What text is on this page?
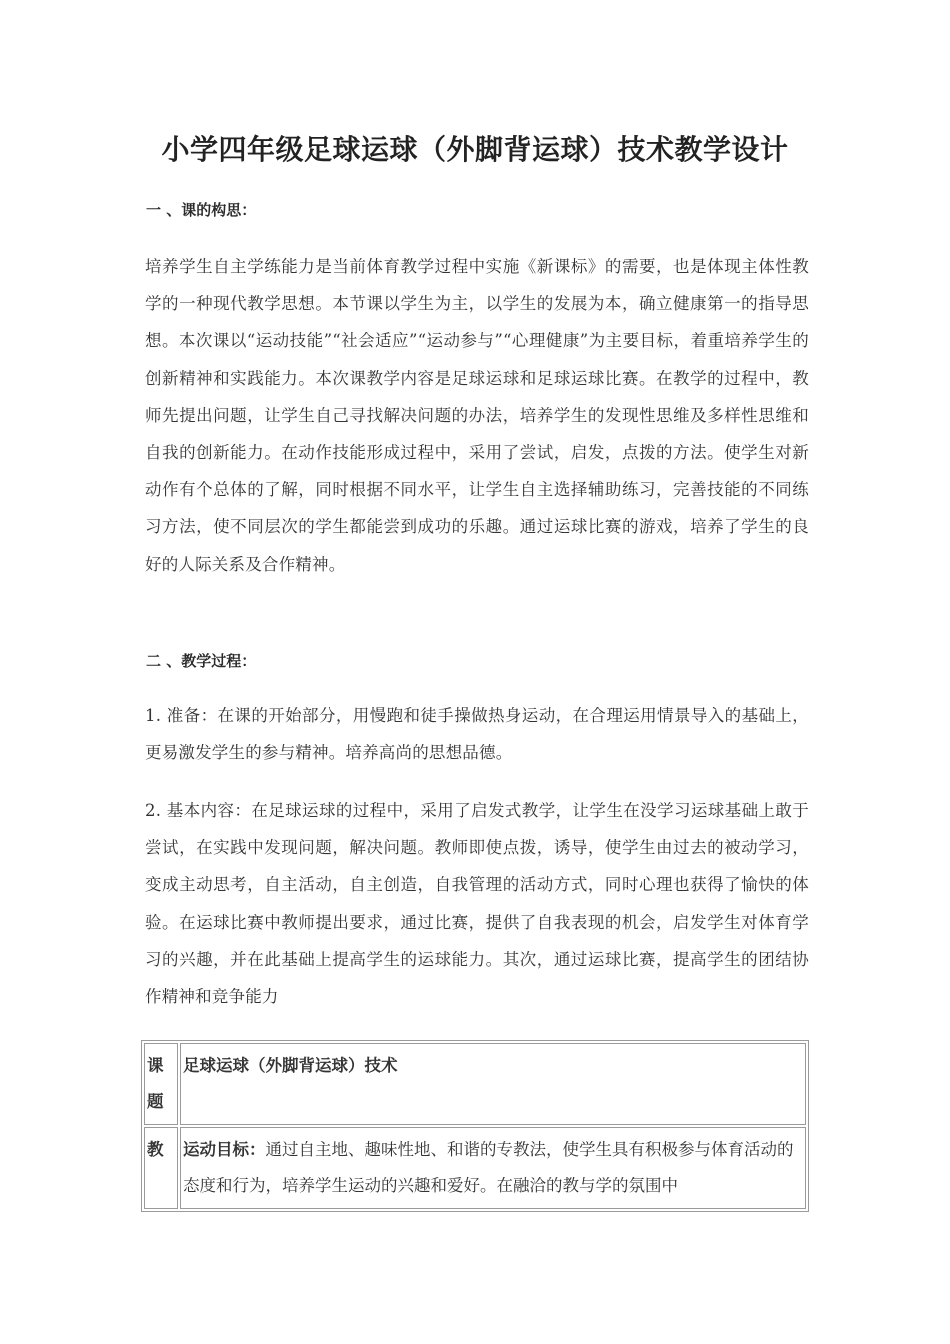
小学四年级足球运球（外脚背运球）技术教学设计

一 、课的构思：

培养学生自主学练能力是当前体育教学过程中实施《新课标》的需要，也是体现主体性教学的一种现代教学思想。本节课以学生为主，以学生的发展为本，确立健康第一的指导思想。本次课以“运动技能”“社会适应”“运动参与”“心理健康”为主要目标，着重培养学生的创新精神和实践能力。本次课教学内容是足球运球和足球运球比赛。在教学的过程中，教师先提出问题，让学生自己寻找解决问题的办法，培养学生的发现性思维及多样性思维和自我的创新能力。在动作技能形成过程中，采用了尝试，启发，点拨的方法。使学生对新动作有个总体的了解，同时根据不同水平，让学生自主选择辅助练习，完善技能的不同练习方法，使不同层次的学生都能尝到成功的乐趣。通过运球比赛的游戏，培养了学生的良好的人际关系及合作精神。

二 、教学过程：

1. 准备：在课的开始部分，用慢跑和徒手操做热身运动，在合理运用情景导入的基础上，更易激发学生的参与精神。培养高尚的思想品德。

2. 基本内容：在足球运球的过程中，采用了启发式教学，让学生在没学习运球基础上敢于尝试，在实践中发现问题，解决问题。教师即使点拨，诱导，使学生由过去的被动学习，变成主动思考，自主活动，自主创造，自我管理的活动方式，同时心理也获得了愉快的体验。在运球比赛中教师提出要求，通过比赛，提供了自我表现的机会，启发学生对体育学习的兴趣，并在此基础上提高学生的运球能力。其次，通过运球比赛，提高学生的团结协作精神和竞争能力

课题	足球运球（外脚背运球）技术
教	运动目标：通过自主地、趣味性地、和谐的专教法，使学生具有积极参与体育活动的态度和行为，培养学生运动的兴趣和爱好。在融洽的教与学的氛围中
